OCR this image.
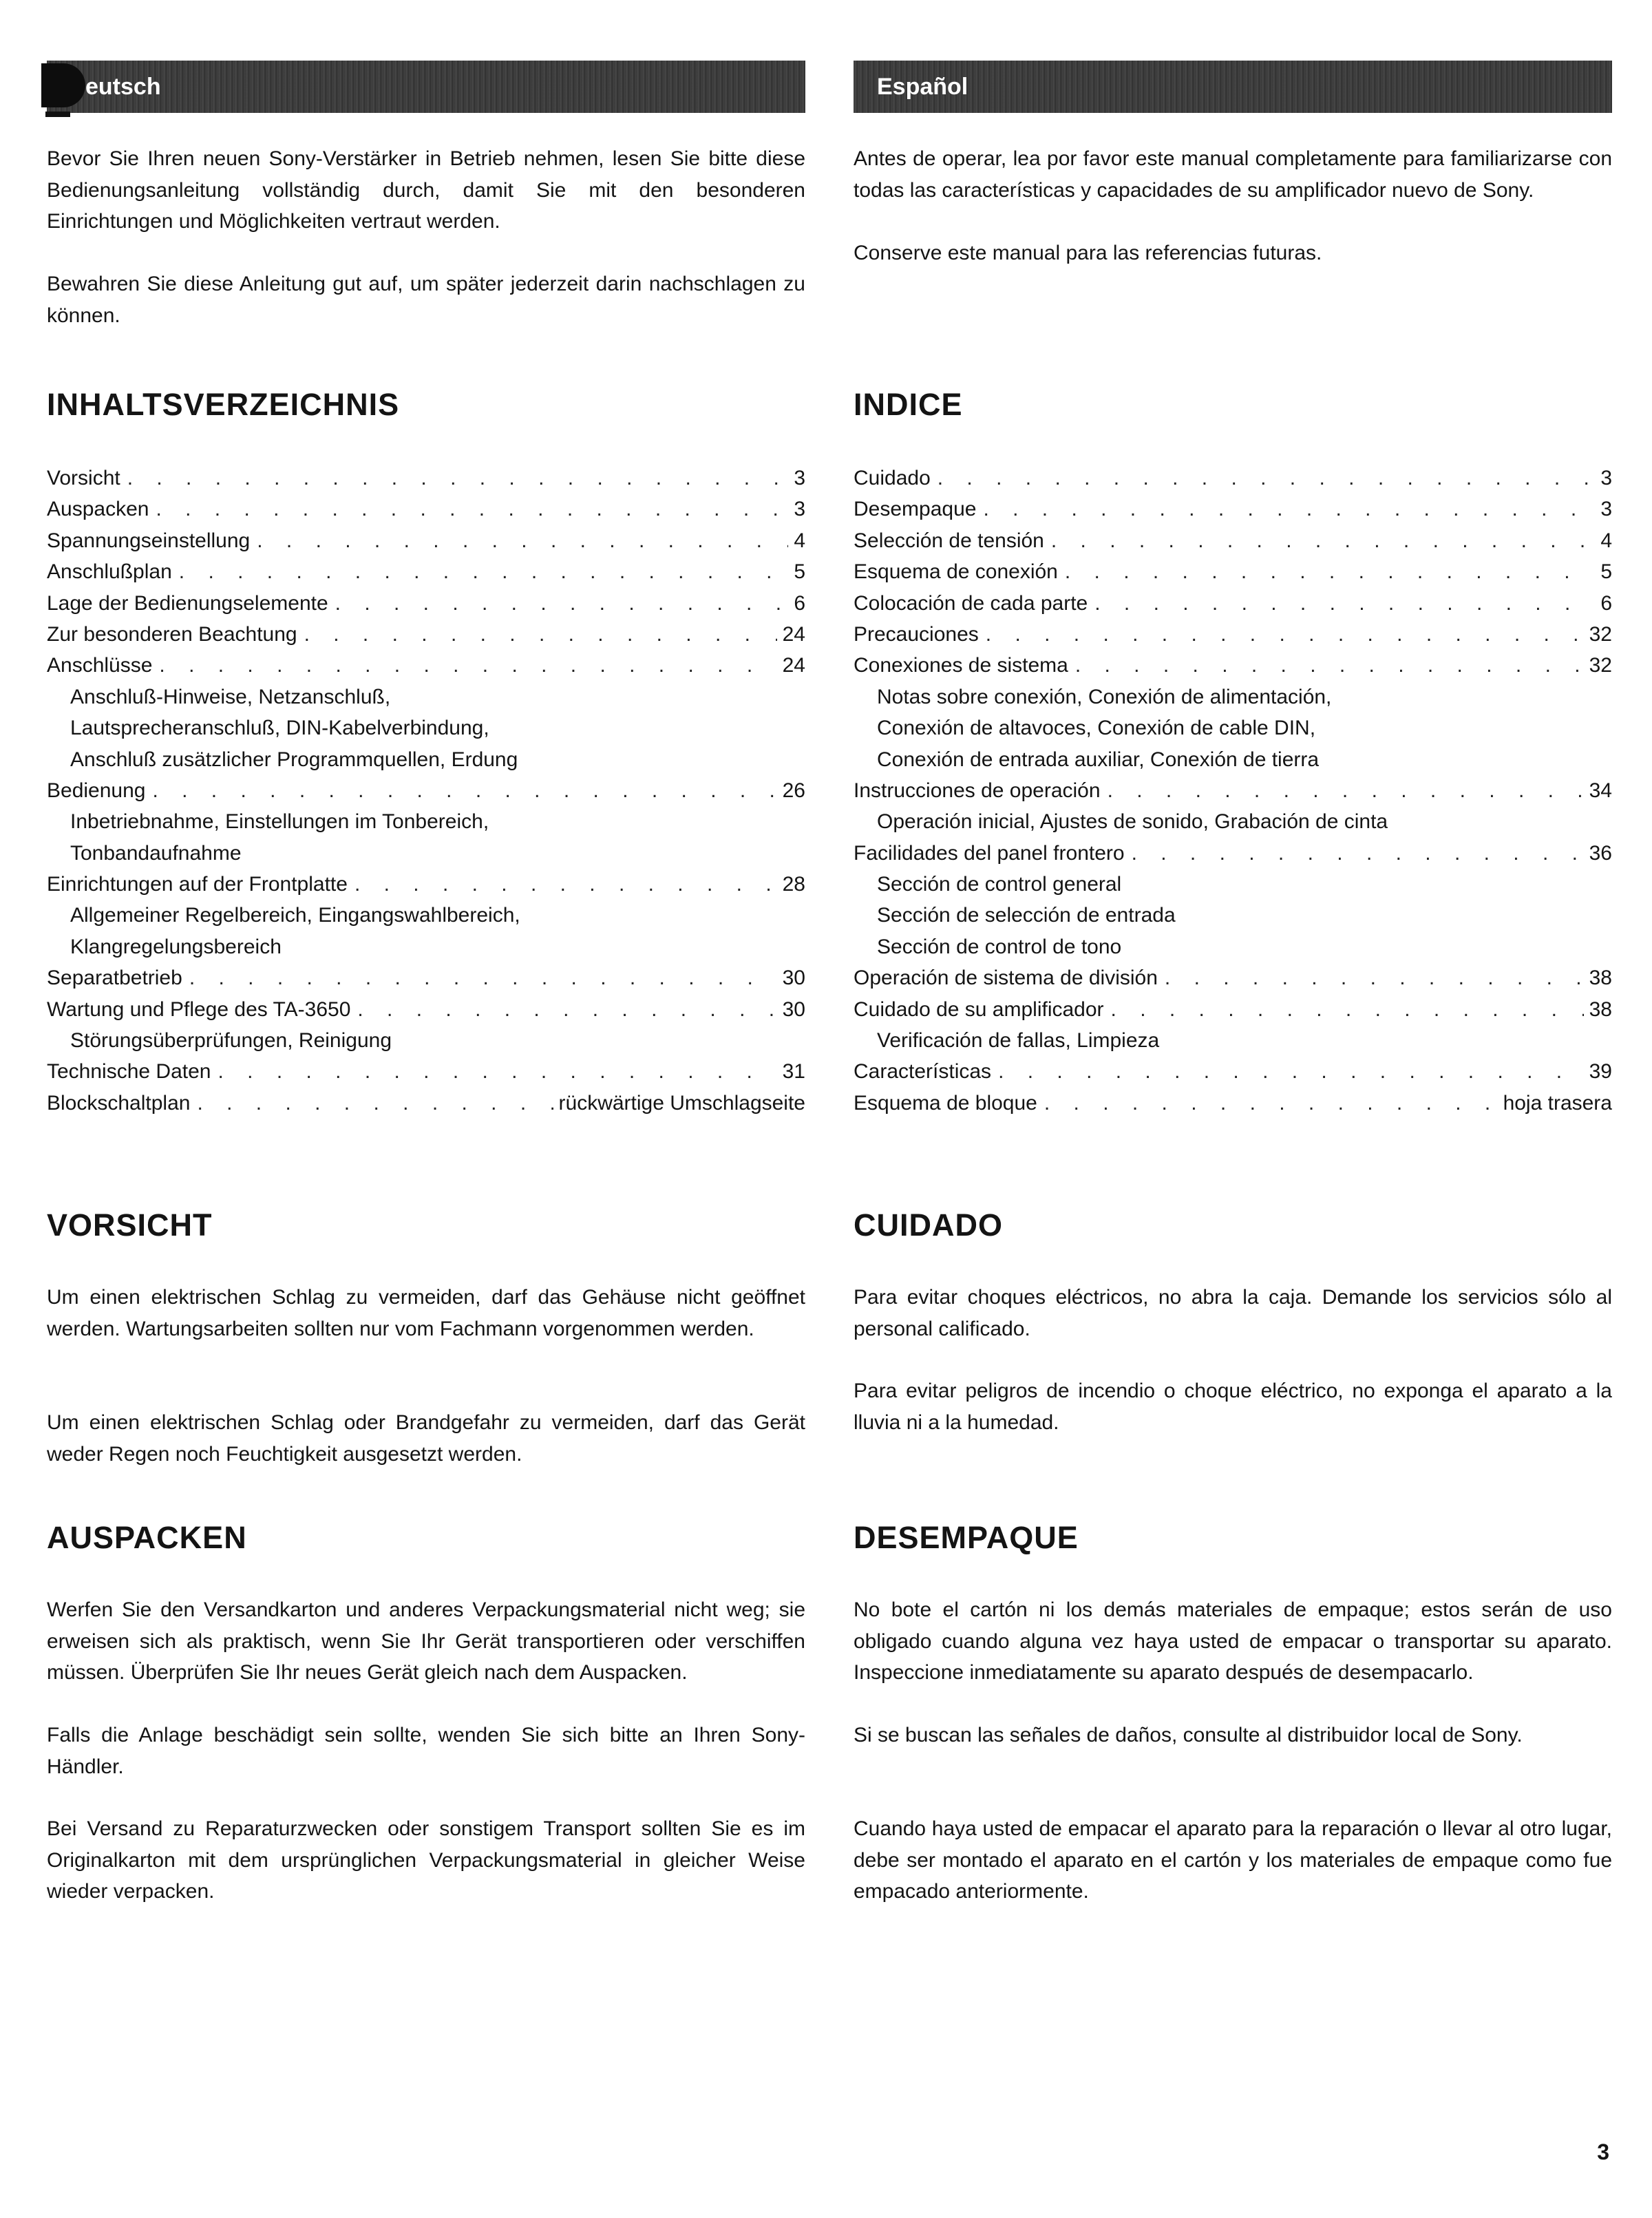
eutsch

Bevor Sie Ihren neuen Sony-Verstärker in Betrieb nehmen, lesen Sie bitte diese Bedienungsanleitung vollständig durch, damit Sie mit den besonderen Einrichtungen und Möglichkeiten vertraut werden.

Bewahren Sie diese Anleitung gut auf, um später jederzeit darin nachschlagen zu können.

INHALTSVERZEICHNIS
Vorsicht . . .	3
Auspacken . . .	3
Spannungseinstellung . . .	4
Anschlußplan . . .	5
Lage der Bedienungselemente . . .	6
Zur besonderen Beachtung . . .	24
Anschlüsse . . .	24
Anschluß-Hinweise, Netzanschluß,
Lautsprecheranschluß, DIN-Kabelverbindung,
Anschluß zusätzlicher Programmquellen, Erdung
Bedienung . . .	26
Inbetriebnahme, Einstellungen im Tonbereich,
Tonbandaufnahme
Einrichtungen auf der Frontplatte . . .	28
Allgemeiner Regelbereich, Eingangswahlbereich,
Klangregelungsbereich
Separatbetrieb . . .	30
Wartung und Pflege des TA-3650 . . .	30
Störungsüberprüfungen, Reinigung
Technische Daten . . .	31
Blockschaltplan . . .	rückwärtige Umschlagseite
VORSICHT

Um einen elektrischen Schlag zu vermeiden, darf das Gehäuse nicht geöffnet werden. Wartungsarbeiten sollten nur vom Fachmann vorgenommen werden.

Um einen elektrischen Schlag oder Brandgefahr zu vermeiden, darf das Gerät weder Regen noch Feuchtigkeit ausgesetzt werden.

AUSPACKEN

Werfen Sie den Versandkarton und anderes Verpackungsmaterial nicht weg; sie erweisen sich als praktisch, wenn Sie Ihr Gerät transportieren oder verschiffen müssen. Überprüfen Sie Ihr neues Gerät gleich nach dem Auspacken.

Falls die Anlage beschädigt sein sollte, wenden Sie sich bitte an Ihren Sony-Händler.

Bei Versand zu Reparaturzwecken oder sonstigem Transport sollten Sie es im Originalkarton mit dem ursprünglichen Verpackungsmaterial in gleicher Weise wieder verpacken.

Español

Antes de operar, lea por favor este manual completamente para familiarizarse con todas las características y capacidades de su amplificador nuevo de Sony.

Conserve este manual para las referencias futuras.

INDICE
Cuidado . . .	3
Desempaque . . .	3
Selección de tensión . . .	4
Esquema de conexión . . .	5
Colocación de cada parte . . .	6
Precauciones . . .	32
Conexiones de sistema . . .	32
Notas sobre conexión, Conexión de alimentación,
Conexión de altavoces, Conexión de cable DIN,
Conexión de entrada auxiliar, Conexión de tierra
Instrucciones de operación . . .	34
Operación inicial, Ajustes de sonido, Grabación de cinta
Facilidades del panel frontero . . .	36
Sección de control general
Sección de selección de entrada
Sección de control de tono
Operación de sistema de división . . .	38
Cuidado de su amplificador . . .	38
Verificación de fallas, Limpieza
Características . . .	39
Esquema de bloque . . .	hoja trasera
CUIDADO

Para evitar choques eléctricos, no abra la caja. Demande los servicios sólo al personal calificado.

Para evitar peligros de incendio o choque eléctrico, no exponga el aparato a la lluvia ni a la humedad.

DESEMPAQUE

No bote el cartón ni los demás materiales de empaque; estos serán de uso obligado cuando alguna vez haya usted de empacar o transportar su aparato. Inspeccione inmediatamente su aparato después de desempacarlo.

Si se buscan las señales de daños, consulte al distribuidor local de Sony.

Cuando haya usted de empacar el aparato para la reparación o llevar al otro lugar, debe ser montado el aparato en el cartón y los materiales de empaque como fue empacado anteriormente.

3
